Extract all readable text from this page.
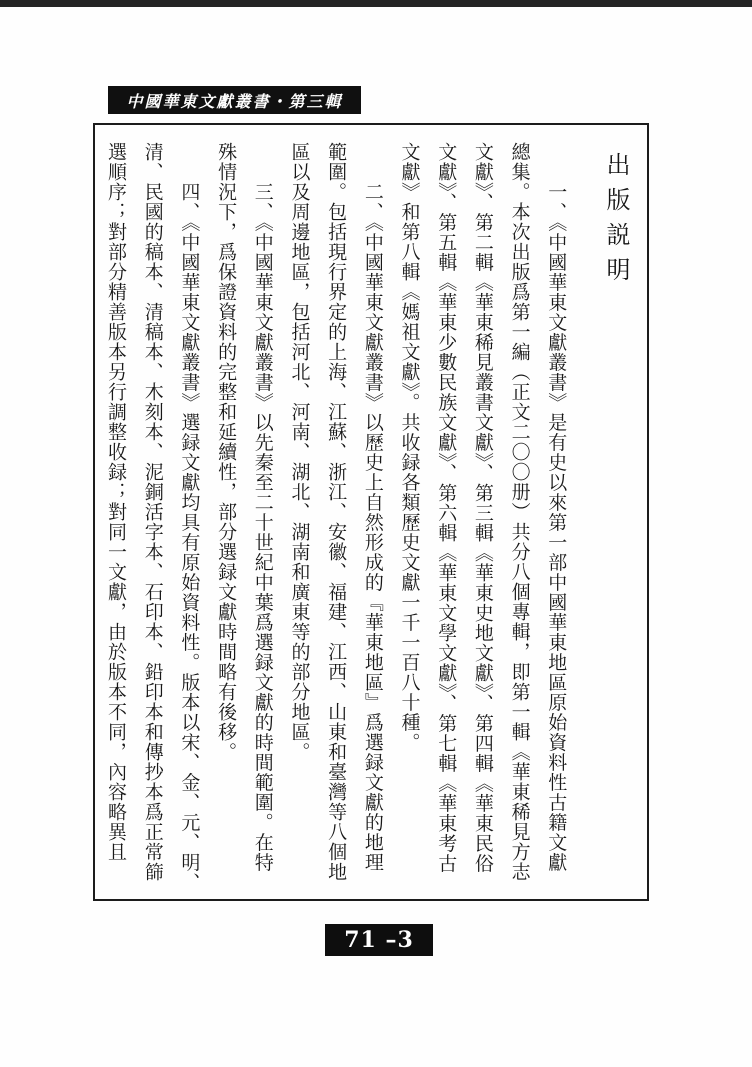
中國華東文獻叢書・第三輯
出版説明
一、《中國華東文獻叢書》是有史以來第一部中國華東地區原始資料性古籍文獻
總集。本次出版爲第一編（正文二〇〇册）共分八個專輯，即第一輯《華東稀見方志
文獻》、第二輯《華東稀見叢書文獻》、第三輯《華東史地文獻》、第四輯《華東民俗
文獻》、第五輯《華東少數民族文獻》、第六輯《華東文學文獻》、第七輯《華東考古
文獻》和第八輯《媽祖文獻》。共收録各類歷史文獻一千一百八十種。
二、《中國華東文獻叢書》以歷史上自然形成的『華東地區』爲選録文獻的地理
範圍。包括現行界定的上海、江蘇、浙江、安徽、福建、江西、山東和臺灣等八個地
區以及周邊地區，包括河北、河南、湖北、湖南和廣東等的部分地區。
三、《中國華東文獻叢書》以先秦至二十世紀中葉爲選録文獻的時間範圍。在特
殊情況下，爲保證資料的完整和延續性，部分選録文獻時間略有後移。
四、《中國華東文獻叢書》選録文獻均具有原始資料性。版本以宋、金、元、明、
清、民國的稿本、清稿本、木刻本、泥銅活字本、石印本、鉛印本和傳抄本爲正常篩
選順序；對部分精善版本另行調整收録；對同一文獻，由於版本不同，內容略異且
71 –3
